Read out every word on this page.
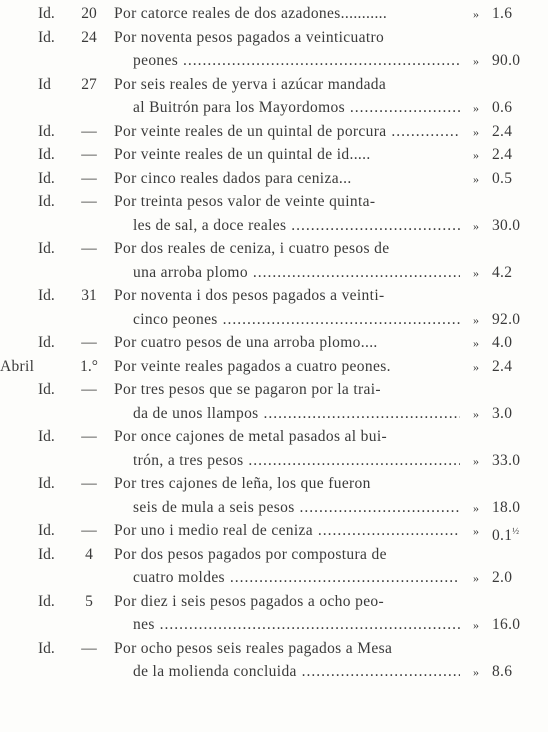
Id.	20	Por catorce reales de dos azadones...........	» 1.6
Id.	24	Por noventa pesos pagados a veinticuatro
peones .....	» 90.0
Id	27	Por seis reales de yerva i azúcar mandada
al Buitrón para los Mayordomos .....	» 0.6
Id.	—	Por veinte reales de un quintal de porcura .....	» 2.4
Id.	—	Por veinte reales de un quintal de id.....	» 2.4
Id.	—	Por cinco reales dados para ceniza...	» 0.5
Id.	—	Por treinta pesos valor de veinte quinta-
les de sal, a doce reales .....	» 30.0
Id.	—	Por dos reales de ceniza, i cuatro pesos de
una arroba plomo .....	» 4.2
Id.	31	Por noventa i dos pesos pagados a veinti-
cinco peones .....	» 92.0
Id.	—	Por cuatro pesos de una arroba plomo....	» 4.0
Abril	1.°	Por veinte reales pagados a cuatro peones.	» 2.4
Id.	—	Por tres pesos que se pagaron por la trai-
da de unos llampos .....	» 3.0
Id.	—	Por once cajones de metal pasados al bui-
trón, a tres pesos .....	» 33.0
Id.	—	Por tres cajones de leña, los que fueron
seis de mula a seis pesos .....	» 18.0
Id.	—	Por uno i medio real de ceniza .....	» $0.1^{\frac{1}{2}}$
Id.	4	Por dos pesos pagados por compostura de
cuatro moldes .....	» 2.0
Id.	5	Por diez i seis pesos pagados a ocho peo-
nes .....	» 16.0
Id.	—	Por ocho pesos seis reales pagados a Mesa
de la molienda concluida .....	» 8.6
